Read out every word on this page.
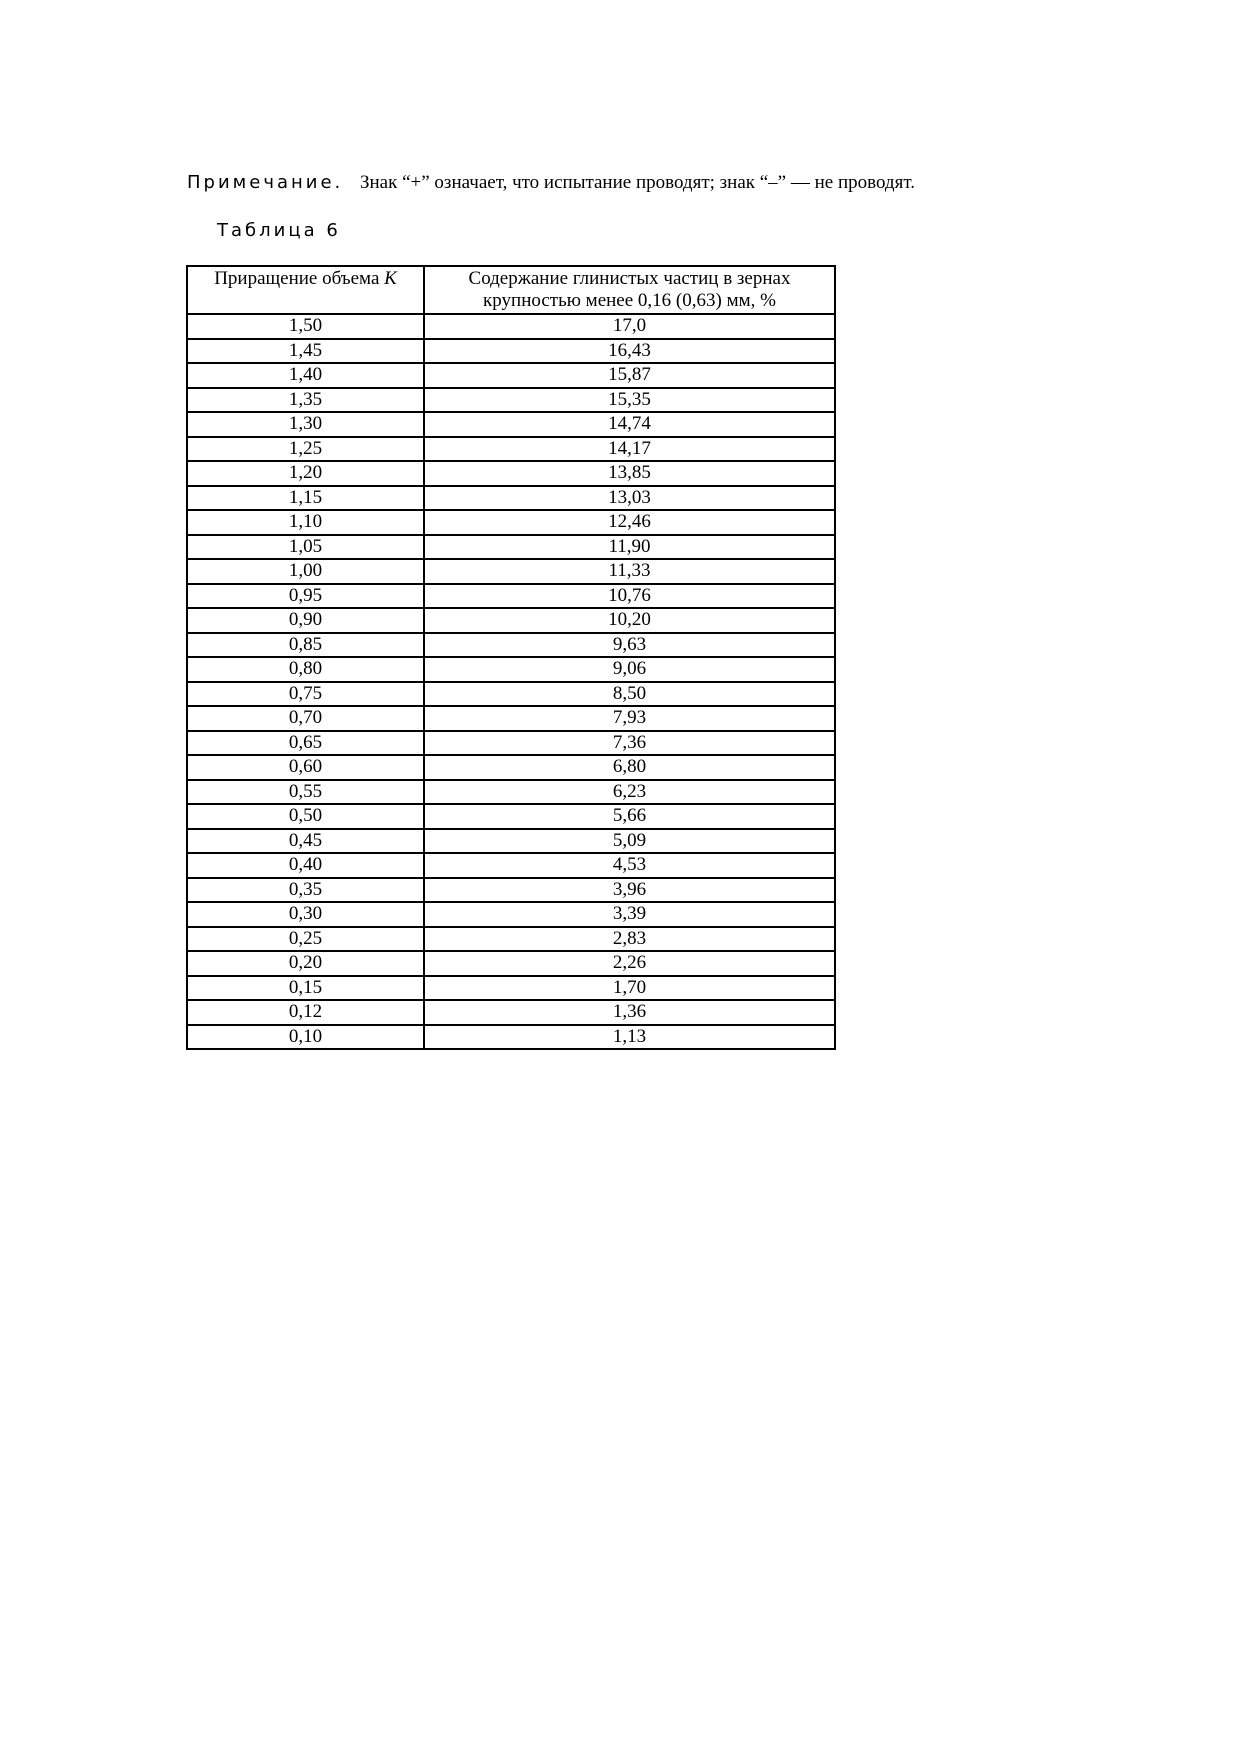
Примечание. Знак “+” означает, что испытание проводят; знак “–” — не проводят.
Таблица 6
Приращение объема K	Содержание глинистых частиц в зернах
крупностью менее 0,16 (0,63) мм, %
1,50	17,0
1,45	16,43
1,40	15,87
1,35	15,35
1,30	14,74
1,25	14,17
1,20	13,85
1,15	13,03
1,10	12,46
1,05	11,90
1,00	11,33
0,95	10,76
0,90	10,20
0,85	9,63
0,80	9,06
0,75	8,50
0,70	7,93
0,65	7,36
0,60	6,80
0,55	6,23
0,50	5,66
0,45	5,09
0,40	4,53
0,35	3,96
0,30	3,39
0,25	2,83
0,20	2,26
0,15	1,70
0,12	1,36
0,10	1,13
